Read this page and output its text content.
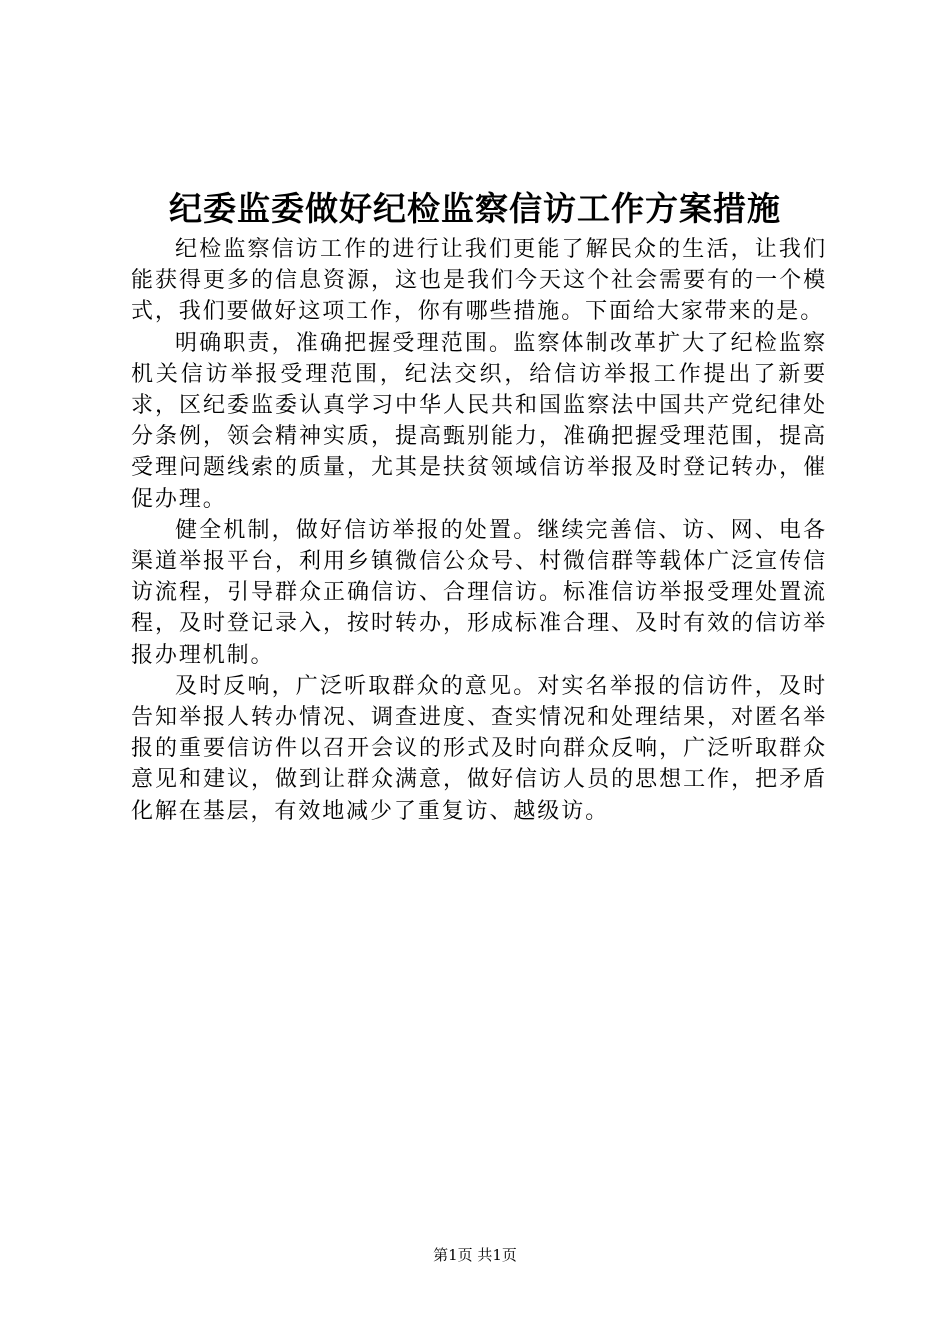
纪委监委做好纪检监察信访工作方案措施

纪检监察信访工作的进行让我们更能了解民众的生活，让我们能获得更多的信息资源，这也是我们今天这个社会需要有的一个模式，我们要做好这项工作，你有哪些措施。下面给大家带来的是。

明确职责，准确把握受理范围。监察体制改革扩大了纪检监察机关信访举报受理范围，纪法交织，给信访举报工作提出了新要求，区纪委监委认真学习中华人民共和国监察法中国共产党纪律处分条例，领会精神实质，提高甄别能力，准确把握受理范围，提高受理问题线索的质量，尤其是扶贫领域信访举报及时登记转办，催促办理。

健全机制，做好信访举报的处置。继续完善信、访、网、电各渠道举报平台，利用乡镇微信公众号、村微信群等载体广泛宣传信访流程，引导群众正确信访、合理信访。标准信访举报受理处置流程，及时登记录入，按时转办，形成标准合理、及时有效的信访举报办理机制。

及时反响，广泛听取群众的意见。对实名举报的信访件，及时告知举报人转办情况、调查进度、查实情况和处理结果，对匿名举报的重要信访件以召开会议的形式及时向群众反响，广泛听取群众意见和建议，做到让群众满意，做好信访人员的思想工作，把矛盾化解在基层，有效地减少了重复访、越级访。

第1页 共1页
